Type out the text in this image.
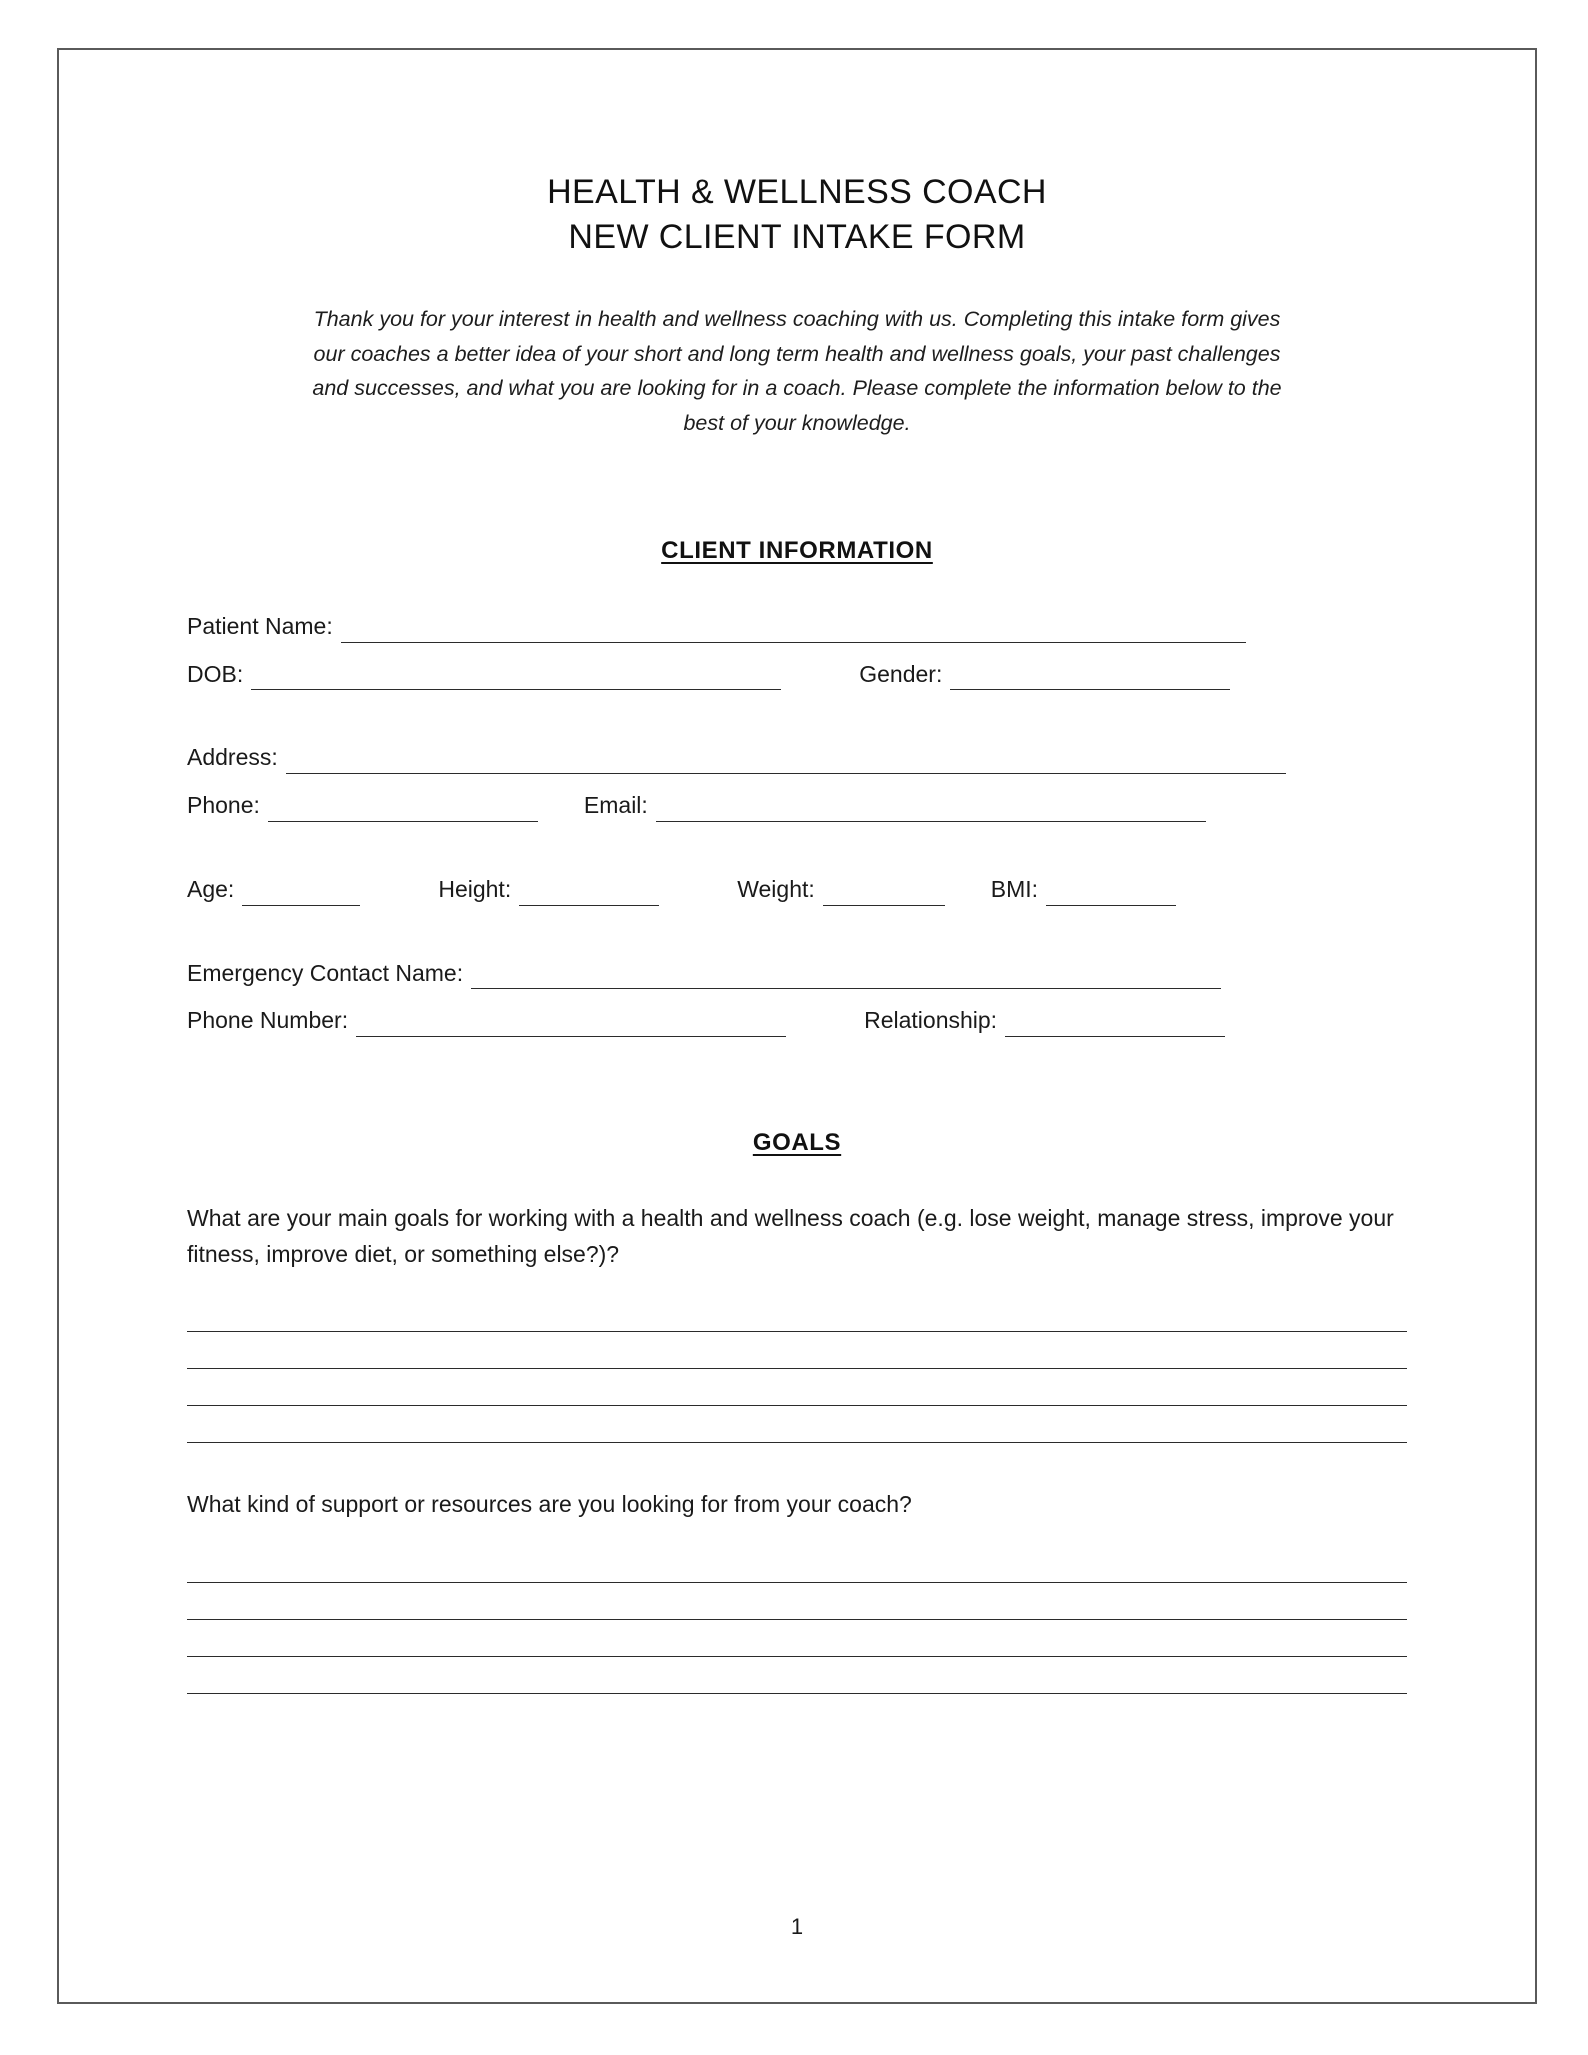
HEALTH & WELLNESS COACH
NEW CLIENT INTAKE FORM

Thank you for your interest in health and wellness coaching with us. Completing this intake form gives our coaches a better idea of your short and long term health and wellness goals, your past challenges and successes, and what you are looking for in a coach. Please complete the information below to the best of your knowledge.

CLIENT INFORMATION
Patient Name:
DOB:	Gender:
Address:
Phone:	Email:
Age:	Height:	Weight:	BMI:
Emergency Contact Name:
Phone Number:	Relationship:
GOALS

What are your main goals for working with a health and wellness coach (e.g. lose weight, manage stress, improve your fitness, improve diet, or something else?)?

What kind of support or resources are you looking for from your coach?

1
